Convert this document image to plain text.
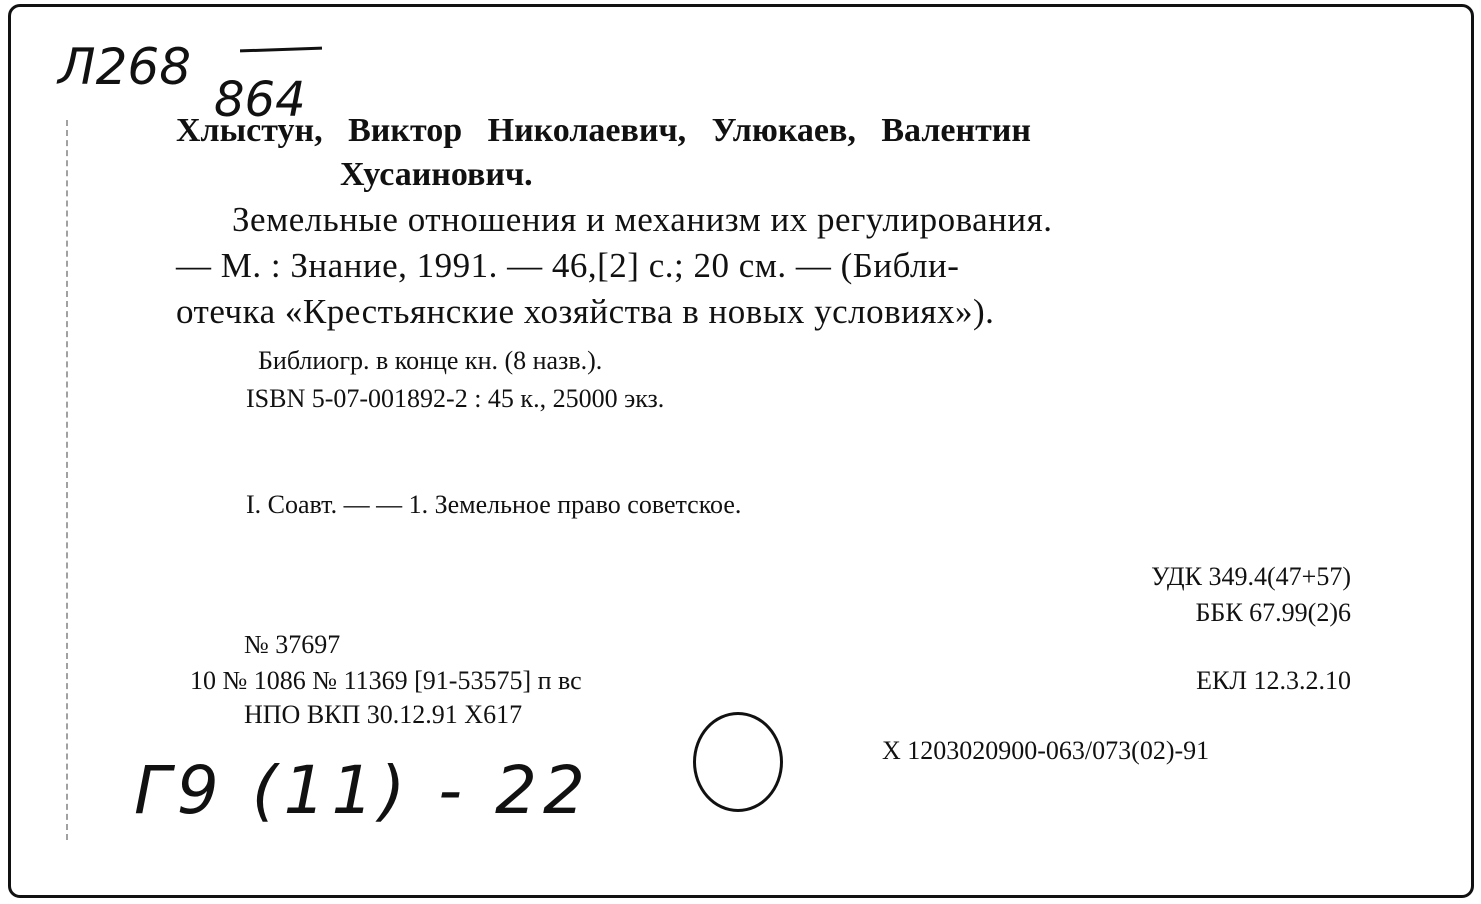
Л268
864
Хлыстун,   Виктор   Николаевич,   Улюкаев,   Валентин
Хусаинович.
Земельные отношения и механизм их регулирования.
— М. : Знание, 1991. — 46,[2] с.; 20 см. — (Библи-
отечка «Крестьянские хозяйства в новых условиях»).
Библиогр. в конце кн. (8 назв.).
ISBN 5-07-001892-2 : 45 к., 25000 экз.
I. Соавт. — — 1. Земельное право советское.
УДК 349.4(47+57)
ББК 67.99(2)6
№ 37697
10 № 1086 № 11369 [91-53575] п вс
НПО ВКП 30.12.91 Х617
ЕКЛ 12.3.2.10
Х 1203020900-063/073(02)-91
Г9 (11) - 22
